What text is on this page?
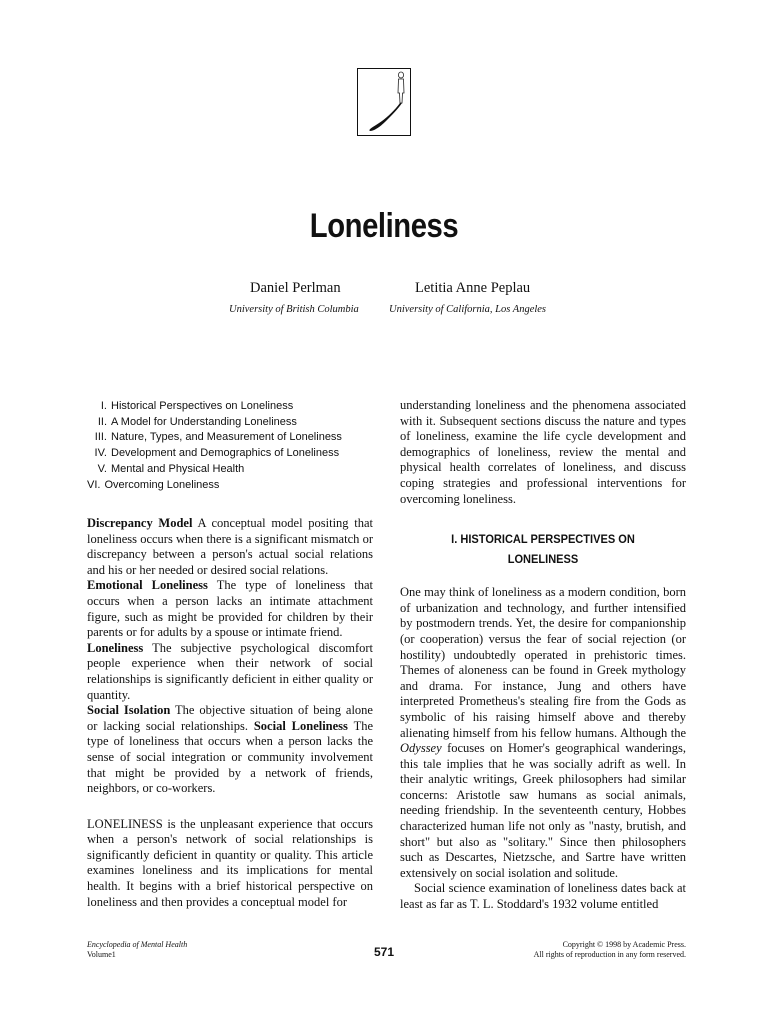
Loneliness
Daniel Perlman	Letitia Anne Peplau
University of British Columbia	University of California, Los Angeles
I. Historical Perspectives on Loneliness
II. A Model for Understanding Loneliness
III. Nature, Types, and Measurement of Loneliness
IV. Development and Demographics of Loneliness
V. Mental and Physical Health
VI. Overcoming Loneliness

Discrepancy Model A conceptual model positing that loneliness occurs when there is a significant mismatch or discrepancy between a person's actual social relations and his or her needed or desired social relations.

Emotional Loneliness The type of loneliness that occurs when a person lacks an intimate attachment figure, such as might be provided for children by their parents or for adults by a spouse or intimate friend.

Loneliness The subjective psychological discomfort people experience when their network of social relationships is significantly deficient in either quality or quantity.

Social Isolation The objective situation of being alone or lacking social relationships. Social Loneliness The type of loneliness that occurs when a person lacks the sense of social integration or community involvement that might be provided by a network of friends, neighbors, or co-workers.

LONELINESS is the unpleasant experience that occurs when a person's network of social relationships is significantly deficient in quantity or quality. This article examines loneliness and its implications for mental health. It begins with a brief historical perspective on loneliness and then provides a conceptual model for

understanding loneliness and the phenomena associated with it. Subsequent sections discuss the nature and types of loneliness, examine the life cycle development and demographics of loneliness, review the mental and physical health correlates of loneliness, and discuss coping strategies and professional interventions for overcoming loneliness.

I. HISTORICAL PERSPECTIVES ON
LONELINESS

One may think of loneliness as a modern condition, born of urbanization and technology, and further intensified by postmodern trends. Yet, the desire for companionship (or cooperation) versus the fear of social rejection (or hostility) undoubtedly operated in prehistoric times. Themes of aloneness can be found in Greek mythology and drama. For instance, Jung and others have interpreted Prometheus's stealing fire from the Gods as symbolic of his raising himself above and thereby alienating himself from his fellow humans. Although the Odyssey focuses on Homer's geographical wanderings, this tale implies that he was socially adrift as well. In their analytic writings, Greek philosophers had similar concerns: Aristotle saw humans as social animals, needing friendship. In the seventeenth century, Hobbes characterized human life not only as "nasty, brutish, and short" but also as "solitary." Since then philosophers such as Descartes, Nietzsche, and Sartre have written extensively on social isolation and solitude.

Social science examination of loneliness dates back at least as far as T. L. Stoddard's 1932 volume entitled

Encyclopedia of Mental Health
Volume1	571
Copyright © 1998 by Academic Press.
All rights of reproduction in any form reserved.
